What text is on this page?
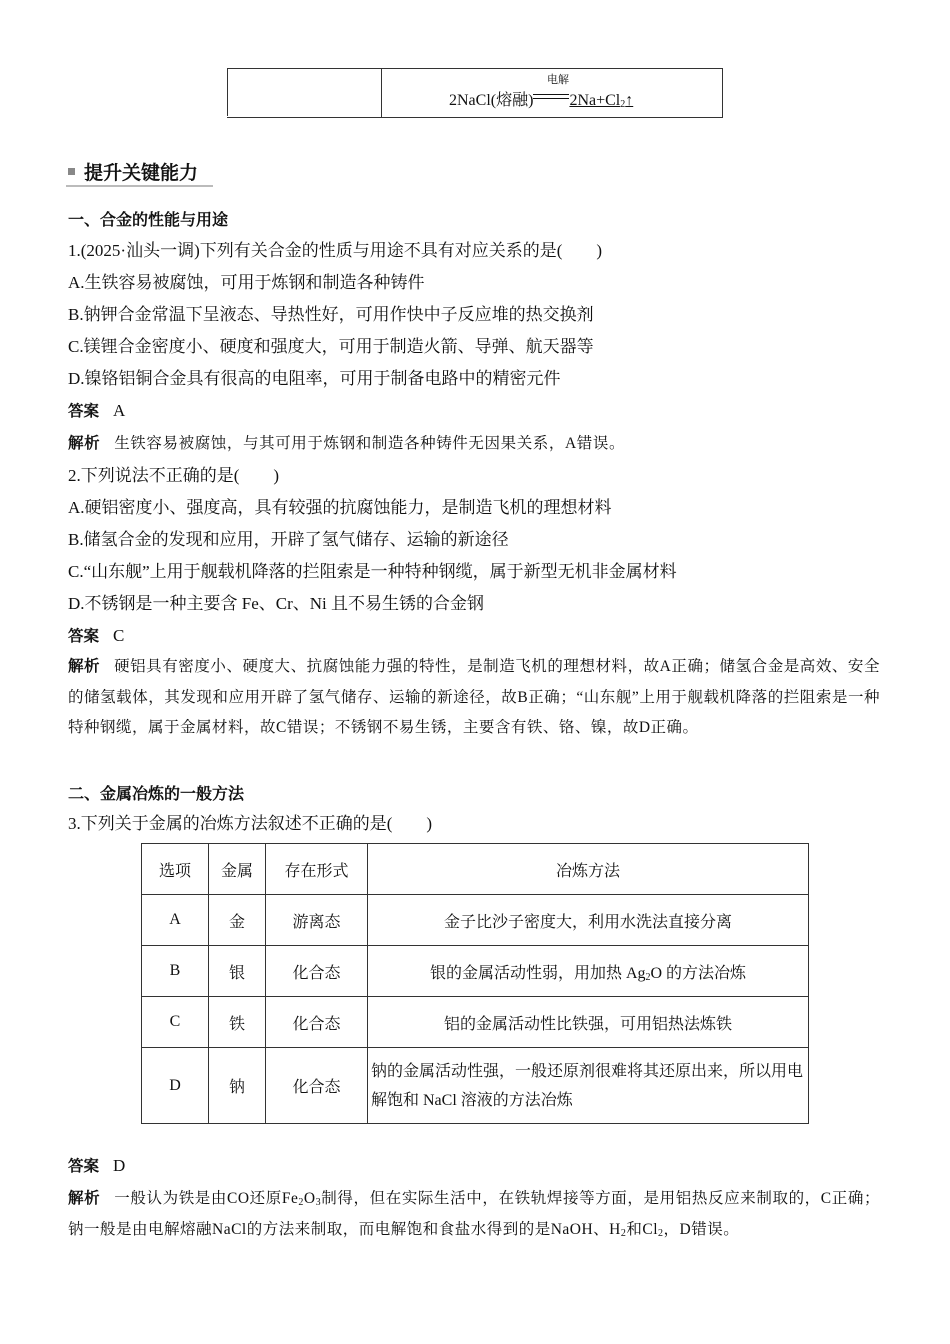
电解
2NaCl(熔融) $2Na+Cl_2↑$
提升关键能力
一、合金的性能与用途
1.(2025·汕头一调)下列有关合金的性质与用途不具有对应关系的是(　　)
A.生铁容易被腐蚀，可用于炼钢和制造各种铸件
B.钠钾合金常温下呈液态、导热性好，可用作快中子反应堆的热交换剂
C.镁锂合金密度小、硬度和强度大，可用于制造火箭、导弹、航天器等
D.镍铬铝铜合金具有很高的电阻率，可用于制备电路中的精密元件
答案 A
解析 生铁容易被腐蚀，与其可用于炼钢和制造各种铸件无因果关系，A错误。
2.下列说法不正确的是(　　)
A.硬铝密度小、强度高，具有较强的抗腐蚀能力，是制造飞机的理想材料
B.储氢合金的发现和应用，开辟了氢气储存、运输的新途径
C.“山东舰”上用于舰载机降落的拦阻索是一种特种钢缆，属于新型无机非金属材料
D.不锈钢是一种主要含 Fe、Cr、Ni 且不易生锈的合金钢
答案 C
解析 硬铝具有密度小、硬度大、抗腐蚀能力强的特性，是制造飞机的理想材料，故A正确；储氢合金是高效、安全的储氢载体，其发现和应用开辟了氢气储存、运输的新途径，故B正确；“山东舰”上用于舰载机降落的拦阻索是一种特种钢缆，属于金属材料，故C错误；不锈钢不易生锈，主要含有铁、铬、镍，故D正确。
二、金属冶炼的一般方法
3.下列关于金属的冶炼方法叙述不正确的是(　　)
选项	金属	存在形式	冶炼方法
A	金	游离态	金子比沙子密度大，利用水洗法直接分离
B	银	化合态	银的金属活动性弱，用加热 $Ag_2O$ 的方法冶炼
C	铁	化合态	铝的金属活动性比铁强，可用铝热法炼铁
D	钠	化合态	钠的金属活动性强，一般还原剂很难将其还原出来，所以用电解饱和 NaCl 溶液的方法冶炼
答案 D
解析 一般认为铁是由CO还原$Fe_2O_3$制得，但在实际生活中，在铁轨焊接等方面，是用铝热反应来制取的，C正确；钠一般是由电解熔融NaCl的方法来制取，而电解饱和食盐水得到的是NaOH、$H_2$和$Cl_2$，D错误。
